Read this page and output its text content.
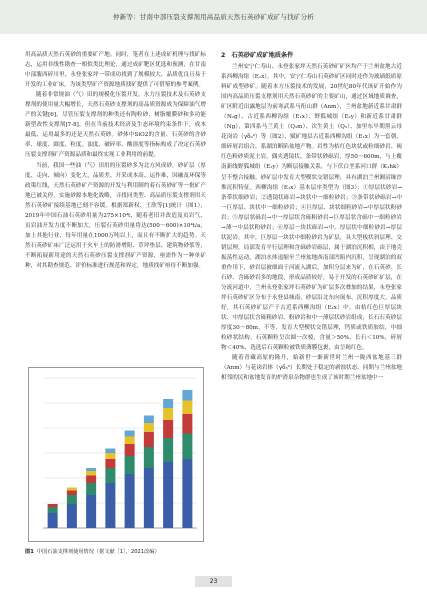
仲新等：甘南中部压裂支撑剂用高品质天然石英砂矿成矿与找矿分析

用高品质天然石英砂的重要矿产地。同时，笔者在上述成矿机理与找矿标志，运用非线性勘查一相似类比理论，通过成矿靶区优选和预测，在甘南中部腹西碎川里、永登张家坪一带成功找到了规模较大、品质优良且易于开发的工业矿床，为该类型矿产资源地质找矿提供了可借鉴的参考案例。

随着非常规油（气）田的规模化压裂开发，水力压裂技术及石英砂支撑剂的使用量大幅增长，天然石英砂支撑剂的高品质资源成为保障油气增产的关键[6]。尽管压裂支撑剂的种类还有陶粒砂、树脂覆膜砂和多功能新型改性支撑剂[7-8]，但在当前技术经济及生态环境约束条件下，成本最低、运用最多的还是天然石英砂。砂体中SiO2的含量、石英砂的含砂率、球度、圆度、粒度、浊度、破碎率、酸溶度等指标构成了决定石英砂压裂支撑剂矿产资源品质和最终实现工业利用的前提。

当前，我国一些油（气）田用的压裂砂多为北方风成砂，砂矿层（厚度、走向、倾向）变化大，品质差、开采成本高、运作难，因融及环保等政策红线，天然石英砂矿产资源的开发与利用制约着石英砂矿等一批矿产地已被关停，实施砂源本地化战略，寻找同类型、高品质压裂支撑剂用天然石英砂矿接续基地已刻不容缓。根据郑新权、王欣等[1]统计（图1），2019年中国石油石英砂用量为275×10⁴t，随着老旧并改造及页岩气、页岩油开发力度不断加大，压裂石英砂用量将达(500～600)×10⁴t/a，加上其他行业，每年用量在1000万吨以上，而且有不断扩大的趋势。天然石英砂矿床广泛运用于火车上的防滑增阻、草坪垫层、建筑物砂浆等，不断拓展新用途的天然石英砂压裂支撑剂矿产资源，亟需作为一种单矿种，对其勘查规范、评价标准进行规范和界定，地质找矿亟待不断加强。

2　石英砂矿成矿地质条件

兰州安宁仁寿山、永登张家坪天然石英砂矿矿区均产于兰州盆地古近系西柳沟组（E₁x），其中，安宁仁寿山石英砂矿区同时还作为玻璃纸质原料矿成型砂矿。随着本方压裂技术的发展，20世纪80年代该矿开始作为国内高品质压裂支撑剂用天然石英砂矿的主要矿山，通过区域地质调查，矿区附近出露地层为前寒武系马衔山群（Anm），兰州盆地新近系甘肃群（N₂g）、古近系西柳沟组（E₁x）、野狐城组（E₂y）和新近系甘肃群（Ng），第四系马兰黄土（Q₃m）、次生黄土（Q₃）、加里东早期黑云母花岗岩（γδ₃²）等（图2），赋矿地层古近系西柳沟组（E₁x）为一套朝、细碎屑岩组合，系湖泊断陷盆地产物。岩性为桔红色块状或粒细砂岩、褐红色粉砂质泥土岩，偶夹透镜状、条带状砂砾岩，厚50～600m，与上覆南新线野狐城组（E₂y）为断层接触关系，与下伏白垩系河口群（K₁hk）呈不整合接触。砂矿层中发育大型楔状交错层理，具有湖泊兰州湘沼缘沙堆沉积特征。西柳沟组（E₁x）基本层序类型为（图3）：①厚层状砂岩→条带状细砂岩；②透镜状砾岩→块状中一细粒砂岩；③条带状砂砾岩→中一巨厚层、块状中一细粒砂岩；④巨厚层、块状细粒砂岩→中厚层状粉砂岩；⑤厚层状砾岩→中一厚层状含砾粗砂岩→巨厚层状含砾中一细粒砂岩→薄一中层状粉砂岩；⑥厚层一块状砾岩→中、厚层状中细粒砂岩→厚层状泥岩。其中，巨厚层一块状中细粒砂岩为矿层，具大型板状斜层理、交错层理，局部发育平行层理和含砾砂岩砾层，属于湖泊沉积相，由于地壳振荡性运动，湖泊水体退缩至兰州盆地西南部凹陷内沉积，呈现湖泊的双重作用下，砂岩层被细面于河流入湖后，加积分层来为矿，在石英砂、长石砂、含砾砂岩多的地段，形成品质较好，易于开发的石英砂矿矿层，在分流河道中，兰州永登张家坪石英砂矿为矿层多次叠加的结果，永登张家坪石英砂矿区分布于永登县城南，砂层沿北东向展布，沉积厚度大，品质好，其石英砂矿层产于古近系西柳沟组（E₁x）中，由桔红色巨厚层块状、中厚层状含砾粗砂岩、粉砂岩和中一薄层状砂岩组成，长石石英砂层厚度30～80m，不等，发育大型楔状交错层理，钙质或铁质胶结，中细粒砂状结构。石英颗粒呈次圆一次棱，含量＞50%，长石＜10%，碎屑物＜40%，选选后石英颗粒被铁质薄膜包裹，由呈褐红色。

随着青藏高原的隆升，始新世一渐新世时兰州一陇西盆地基三群（Anm）与花岗岩体（γδ₃²）长期处于稳定的剥蚀状态，同期与兰州盆地相邻的民和盆地发育的炉渣泉杂物群也生成了该时期兰州盆地中一

图1 中国石油支撑剂使用情况（据文献［1］，2021改编）
23
